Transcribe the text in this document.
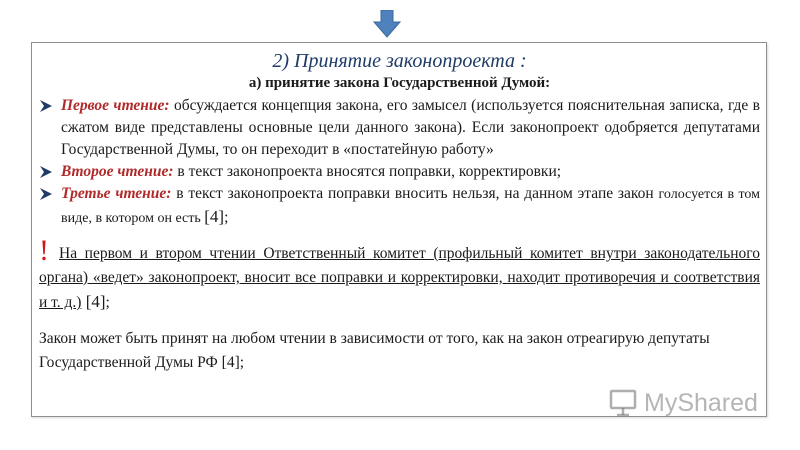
2) Принятие законопроекта :
а) принятие закона Государственной Думой:
Первое чтение: обсуждается концепция закона, его замысел (используется пояснительная записка, где в сжатом виде представлены основные цели данного закона). Если законопроект одобряется депутатами Государственной Думы, то он переходит в «постатейную работу»
Второе чтение: в текст законопроекта вносятся поправки, корректировки;
Третье чтение: в текст законопроекта поправки вносить нельзя, на данном этапе закон голосуется в том виде, в котором он есть [4];
! На первом и втором чтении Ответственный комитет (профильный комитет внутри законодательного органа) «ведет» законопроект, вносит все поправки и корректировки, находит противоречия и соответствия и т. д.) [4];
Закон может быть принят на любом чтении в зависимости от того, как на закон отреагирую депутаты Государственной Думы РФ [4];
MyShared
